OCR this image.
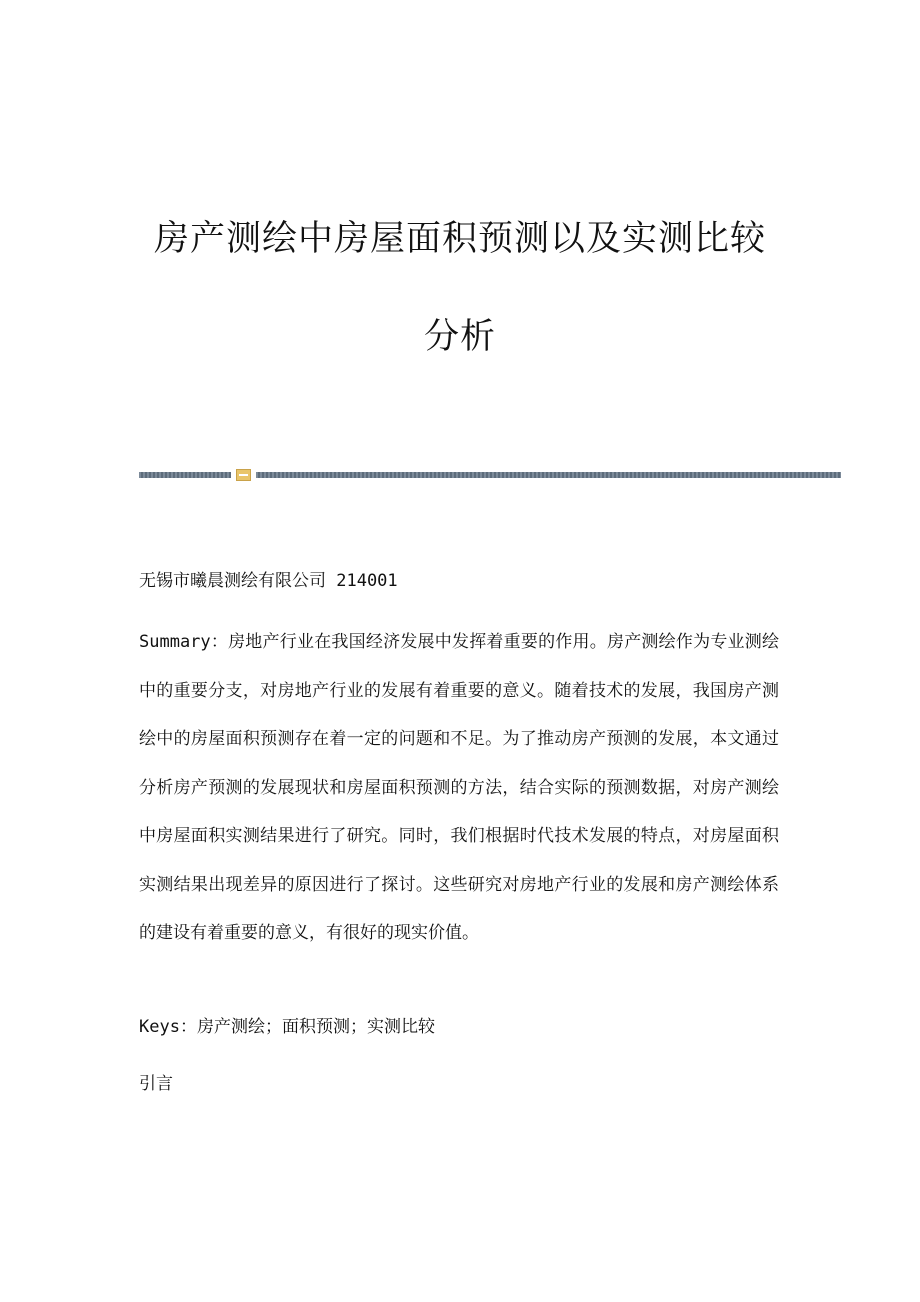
房产测绘中房屋面积预测以及实测比较
分析
无锡市曦晨测绘有限公司 214001
Summary：房地产行业在我国经济发展中发挥着重要的作用。房产测绘作为专业测绘中的重要分支，对房地产行业的发展有着重要的意义。随着技术的发展，我国房产测绘中的房屋面积预测存在着一定的问题和不足。为了推动房产预测的发展，本文通过分析房产预测的发展现状和房屋面积预测的方法，结合实际的预测数据，对房产测绘中房屋面积实测结果进行了研究。同时，我们根据时代技术发展的特点，对房屋面积实测结果出现差异的原因进行了探讨。这些研究对房地产行业的发展和房产测绘体系的建设有着重要的意义，有很好的现实价值。
Keys：房产测绘；面积预测；实测比较
引言
